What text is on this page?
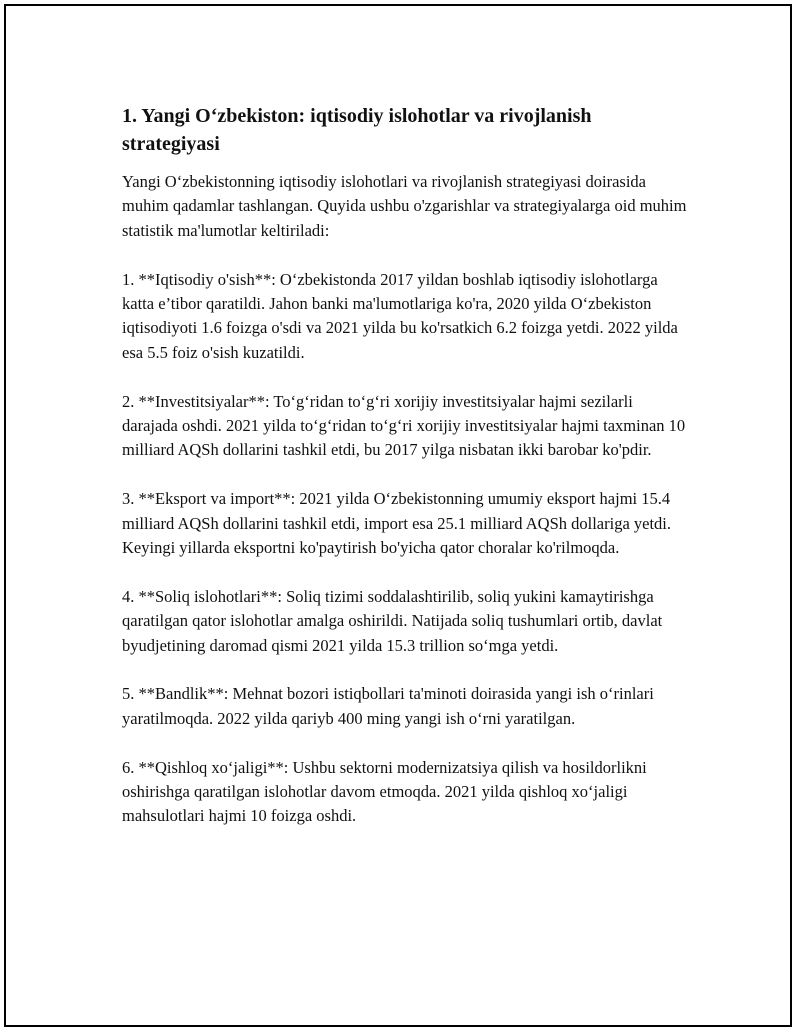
1. Yangi O‘zbekiston: iqtisodiy islohotlar va rivojlanish strategiyasi

Yangi O‘zbekistonning iqtisodiy islohotlari va rivojlanish strategiyasi doirasida muhim qadamlar tashlangan. Quyida ushbu o'zgarishlar va strategiyalarga oid muhim statistik ma'lumotlar keltiriladi:

1. **Iqtisodiy o'sish**: O‘zbekistonda 2017 yildan boshlab iqtisodiy islohotlarga katta e’tibor qaratildi. Jahon banki ma'lumotlariga ko'ra, 2020 yilda O‘zbekiston iqtisodiyoti 1.6 foizga o'sdi va 2021 yilda bu ko'rsatkich 6.2 foizga yetdi. 2022 yilda esa 5.5 foiz o'sish kuzatildi.

2. **Investitsiyalar**: To‘g‘ridan to‘g‘ri xorijiy investitsiyalar hajmi sezilarli darajada oshdi. 2021 yilda to‘g‘ridan to‘g‘ri xorijiy investitsiyalar hajmi taxminan 10 milliard AQSh dollarini tashkil etdi, bu 2017 yilga nisbatan ikki barobar ko'pdir.

3. **Eksport va import**: 2021 yilda O‘zbekistonning umumiy eksport hajmi 15.4 milliard AQSh dollarini tashkil etdi, import esa 25.1 milliard AQSh dollariga yetdi. Keyingi yillarda eksportni ko'paytirish bo'yicha qator choralar ko'rilmoqda.

4. **Soliq islohotlari**: Soliq tizimi soddalashtirilib, soliq yukini kamaytirishga qaratilgan qator islohotlar amalga oshirildi. Natijada soliq tushumlari ortib, davlat byudjetining daromad qismi 2021 yilda 15.3 trillion so‘mga yetdi.

5. **Bandlik**: Mehnat bozori istiqbollari ta'minoti doirasida yangi ish o‘rinlari yaratilmoqda. 2022 yilda qariyb 400 ming yangi ish o‘rni yaratilgan.

6. **Qishloq xo‘jaligi**: Ushbu sektorni modernizatsiya qilish va hosildorlikni oshirishga qaratilgan islohotlar davom etmoqda. 2021 yilda qishloq xo‘jaligi mahsulotlari hajmi 10 foizga oshdi.
